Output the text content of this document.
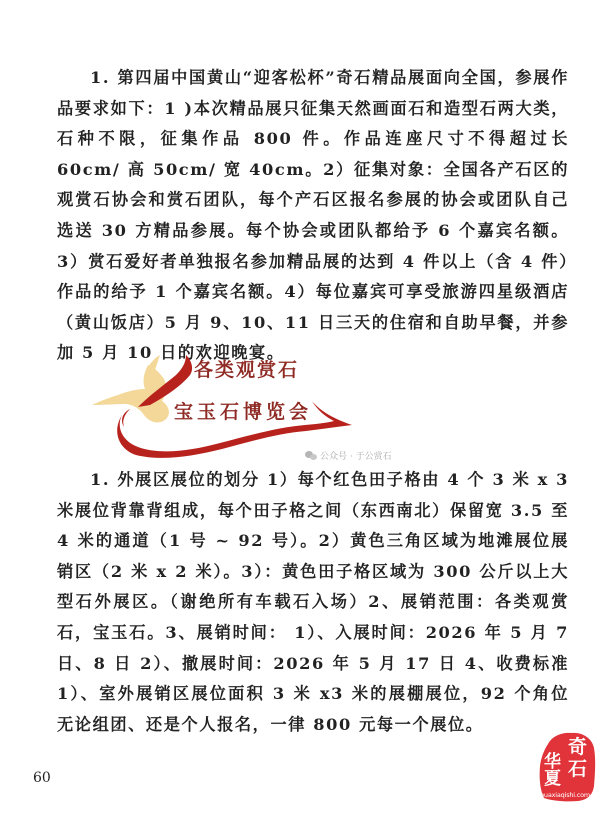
1. 第四届中国黄山“迎客松杯”奇石精品展面向全国，参展作品要求如下：1 )本次精品展只征集天然画面石和造型石两大类，石种不限，征集作品 800 件。作品连座尺寸不得超过长 60cm/ 高 50cm/ 宽 40cm。2）征集对象：全国各产石区的观赏石协会和赏石团队，每个产石区报名参展的协会或团队自己选送 30 方精品参展。每个协会或团队都给予 6 个嘉宾名额。3）赏石爱好者单独报名参加精品展的达到 4 件以上（含 4 件）作品的给予 1 个嘉宾名额。4）每位嘉宾可享受旅游四星级酒店（黄山饭店）5 月 9、10、11 日三天的住宿和自助早餐，并参加 5 月 10 日的欢迎晚宴。

各类观赏石
宝玉石博览会
公众号 · 于公赏石

1. 外展区展位的划分 1）每个红色田子格由 4 个 3 米 x 3 米展位背靠背组成，每个田子格之间（东西南北）保留宽 3.5 至 4 米的通道（1 号 ~ 92 号）。2）黄色三角区域为地滩展位展销区（2 米 x 2 米）。3）：黄色田子格区域为 300 公斤以上大型石外展区。（谢绝所有车载石入场）2、展销范围：各类观赏石，宝玉石。3、展销时间： 1）、入展时间：2026 年 5 月 7 日、8 日 2）、撤展时间：2026 年 5 月 17 日 4、收费标准 1）、室外展销区展位面积 3 米 x3 米的展棚展位，92 个角位无论组团、还是个人报名，一律 800 元每一个展位。

60
奇
华 石
夏
huaxiaqishi.com
